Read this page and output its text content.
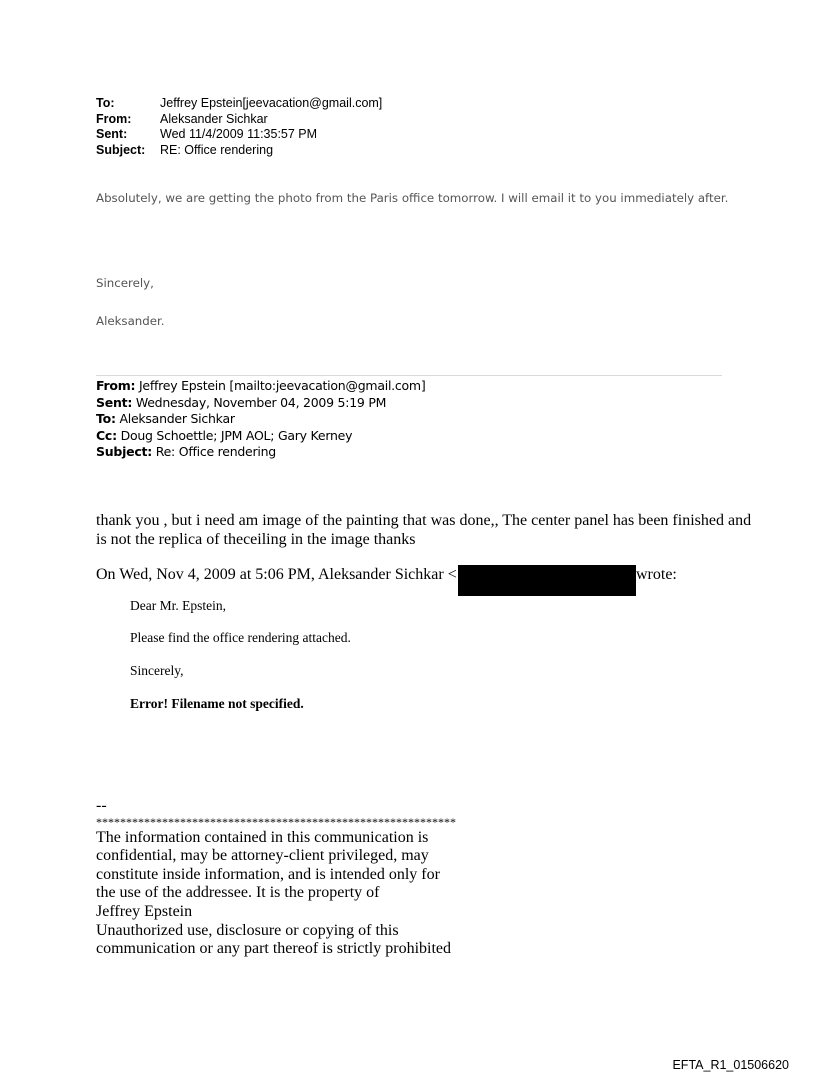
To:	Jeffrey Epstein[jeevacation@gmail.com]
From:	Aleksander Sichkar
Sent:	Wed 11/4/2009 11:35:57 PM
Subject:	RE: Office rendering
Absolutely, we are getting the photo from the Paris office tomorrow. I will email it to you immediately after.
Sincerely,
Aleksander.
From: Jeffrey Epstein [mailto:jeevacation@gmail.com]
Sent: Wednesday, November 04, 2009 5:19 PM
To: Aleksander Sichkar
Cc: Doug Schoettle; JPM AOL; Gary Kerney
Subject: Re: Office rendering
thank you , but i need am image of the painting that was done,, The center panel has been finished and is not the replica of theceiling in the image thanks
On Wed, Nov 4, 2009 at 5:06 PM, Aleksander Sichkar <	wrote:
Dear Mr. Epstein,
Please find the office rendering attached.
Sincerely,
Error! Filename not specified.
--
************************************************************
The information contained in this communication is
confidential, may be attorney-client privileged, may
constitute inside information, and is intended only for
the use of the addressee. It is the property of
Jeffrey Epstein
Unauthorized use, disclosure or copying of this
communication or any part thereof is strictly prohibited
EFTA_R1_01506620
